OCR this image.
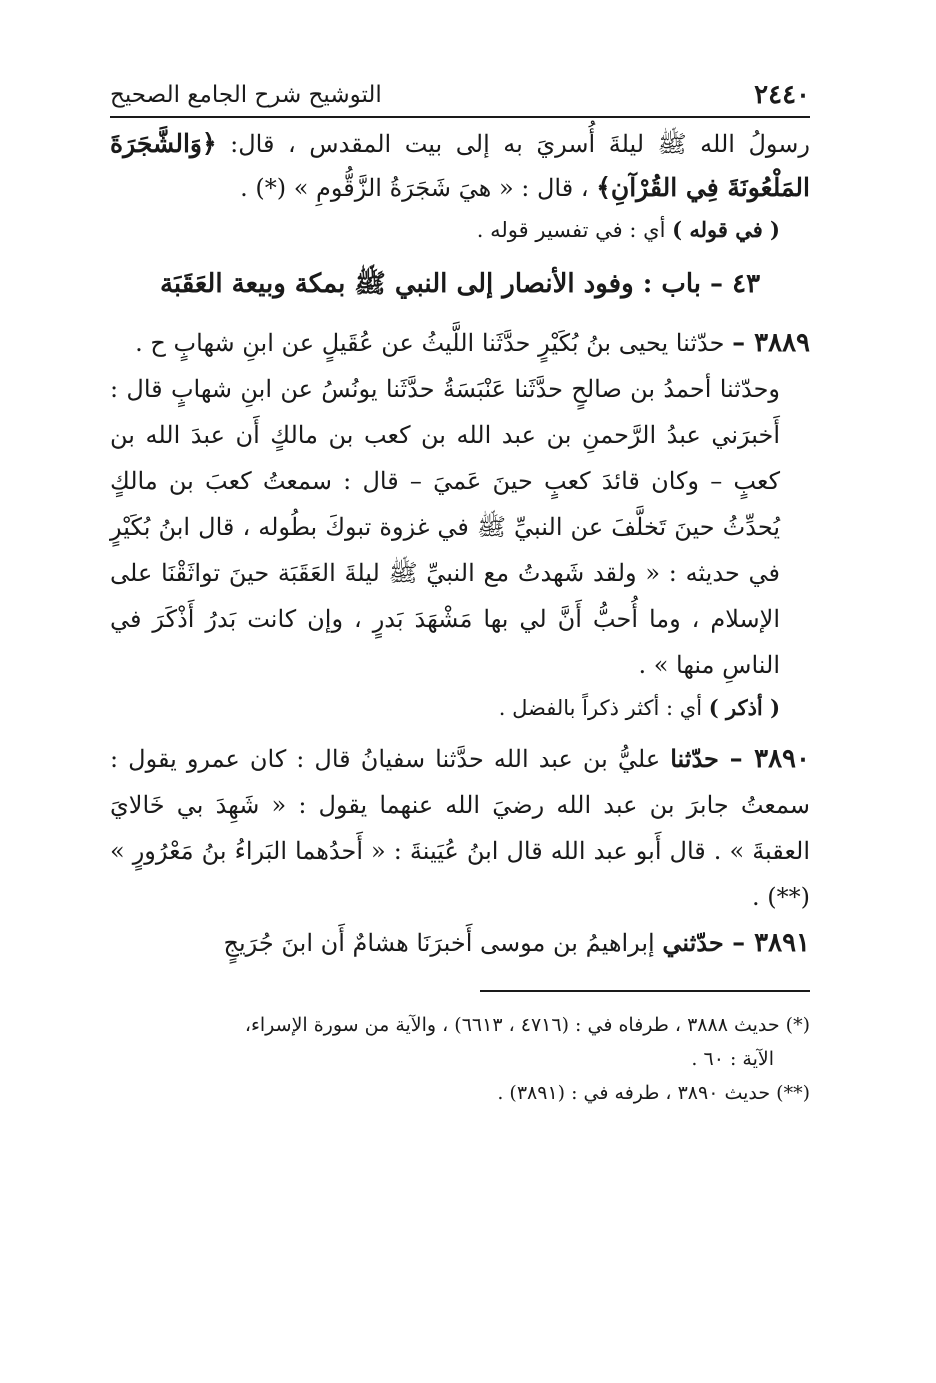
٢٤٤٠
التوشيح شرح الجامع الصحيح

رسولُ الله ﷺ ليلةَ أُسريَ به إلى بيت المقدس ، قال: ﴿وَالشَّجَرَةَ المَلْعُونَةَ فِي القُرْآنِ﴾ ، قال : « هيَ شَجَرَةُ الزَّقُّومِ » (*) .

( في قوله ) أي : في تفسير قوله .

٤٣ – باب : وفود الأنصار إلى النبي ﷺ بمكة وبيعة العَقَبَة

٣٨٨٩ – حدّثنا يحيى بنُ بُكَيْرٍ حدَّثَنا اللَّيثُ عن عُقَيلٍ عن ابنِ شهابٍ ح .

وحدّثنا أحمدُ بن صالحٍ حدَّثَنا عَنْبَسَةُ حدَّثَنا يونُسُ عن ابنِ شهابٍ قال : أَخبرَني عبدُ الرَّحمنِ بن عبد الله بن كعب بن مالكٍ أَن عبدَ الله بن كعبٍ – وكان قائدَ كعبٍ حينَ عَميَ – قال : سمعتُ كعبَ بن مالكٍ يُحدِّثُ حينَ تَخلَّفَ عن النبيِّ ﷺ في غزوة تبوكَ بطُوله ، قال ابنُ بُكَيْرٍ في حديثه : « ولقد شَهدتُ مع النبيِّ ﷺ ليلةَ العَقَبَة حينَ تواثَقْنَا على الإسلام ، وما أُحبُّ أَنَّ لي بها مَشْهَدَ بَدرٍ ، وإن كانت بَدرُ أَذْكَرَ في الناسِ منها » .

( أذكر ) أي : أكثر ذكراً بالفضل .

٣٨٩٠ – حدّثنا عليُّ بن عبد الله حدَّثنا سفيانُ قال : كان عمرو يقول : سمعتُ جابرَ بن عبد الله رضيَ الله عنهما يقول : « شَهِدَ بي خَالايَ العقبةَ » . قال أَبو عبد الله قال ابنُ عُيَينةَ : « أَحدُهما البَراءُ بنُ مَعْرُورٍ » (**) .

٣٨٩١ – حدّثني إبراهيمُ بن موسى أَخبرَنَا هشامٌ أَن ابنَ جُرَيجٍ

(*) حديث ٣٨٨٨ ، طرفاه في : (٤٧١٦ ، ٦٦١٣) ، والآية من سورة الإسراء،

الآية : ٦٠ .

(**) حديث ٣٨٩٠ ، طرفه في : (٣٨٩١) .
